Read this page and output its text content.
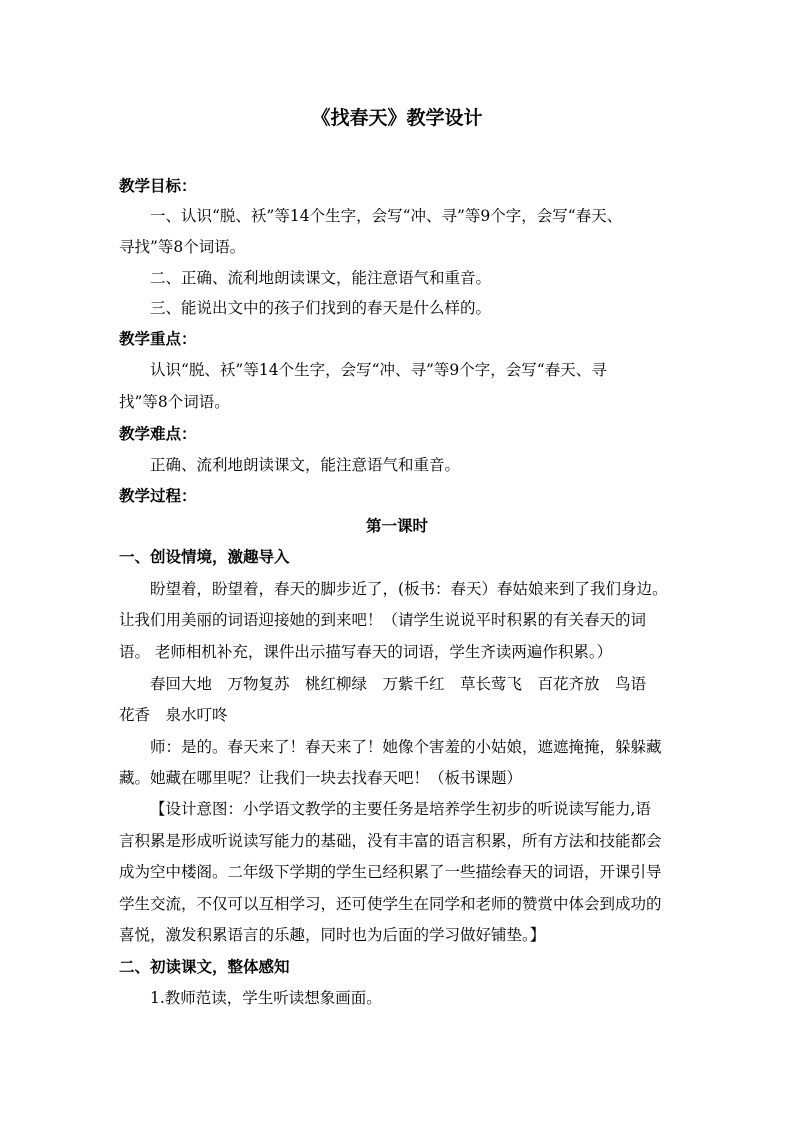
《找春天》教学设计
教学目标：
一、认识“脱、袄”等14个生字，会写“冲、寻”等9个字，会写“春天、
寻找”等8个词语。
二、正确、流利地朗读课文，能注意语气和重音。
三、能说出文中的孩子们找到的春天是什么样的。
教学重点：
认识“脱、袄”等14个生字，会写“冲、寻”等9个字，会写“春天、寻
找”等8个词语。
教学难点：
正确、流利地朗读课文，能注意语气和重音。
教学过程：
第一课时
一、创设情境，激趣导入
盼望着，盼望着，春天的脚步近了，(板书：春天）春姑娘来到了我们身边。
让我们用美丽的词语迎接她的到来吧！（请学生说说平时积累的有关春天的词
语。 老师相机补充，课件出示描写春天的词语，学生齐读两遍作积累。）
春回大地　万物复苏　桃红柳绿　万紫千红　草长莺飞　百花齐放　鸟语
花香　泉水叮咚
师：是的。春天来了！春天来了！她像个害羞的小姑娘，遮遮掩掩，躲躲藏
藏。她藏在哪里呢？让我们一块去找春天吧！（板书课题）
【设计意图：小学语文教学的主要任务是培养学生初步的听说读写能力,语
言积累是形成听说读写能力的基础，没有丰富的语言积累，所有方法和技能都会
成为空中楼阁。二年级下学期的学生已经积累了一些描绘春天的词语，开课引导
学生交流，不仅可以互相学习，还可使学生在同学和老师的赞赏中体会到成功的
喜悦，激发积累语言的乐趣，同时也为后面的学习做好铺垫。】
二、初读课文，整体感知
1.教师范读，学生听读想象画面。
